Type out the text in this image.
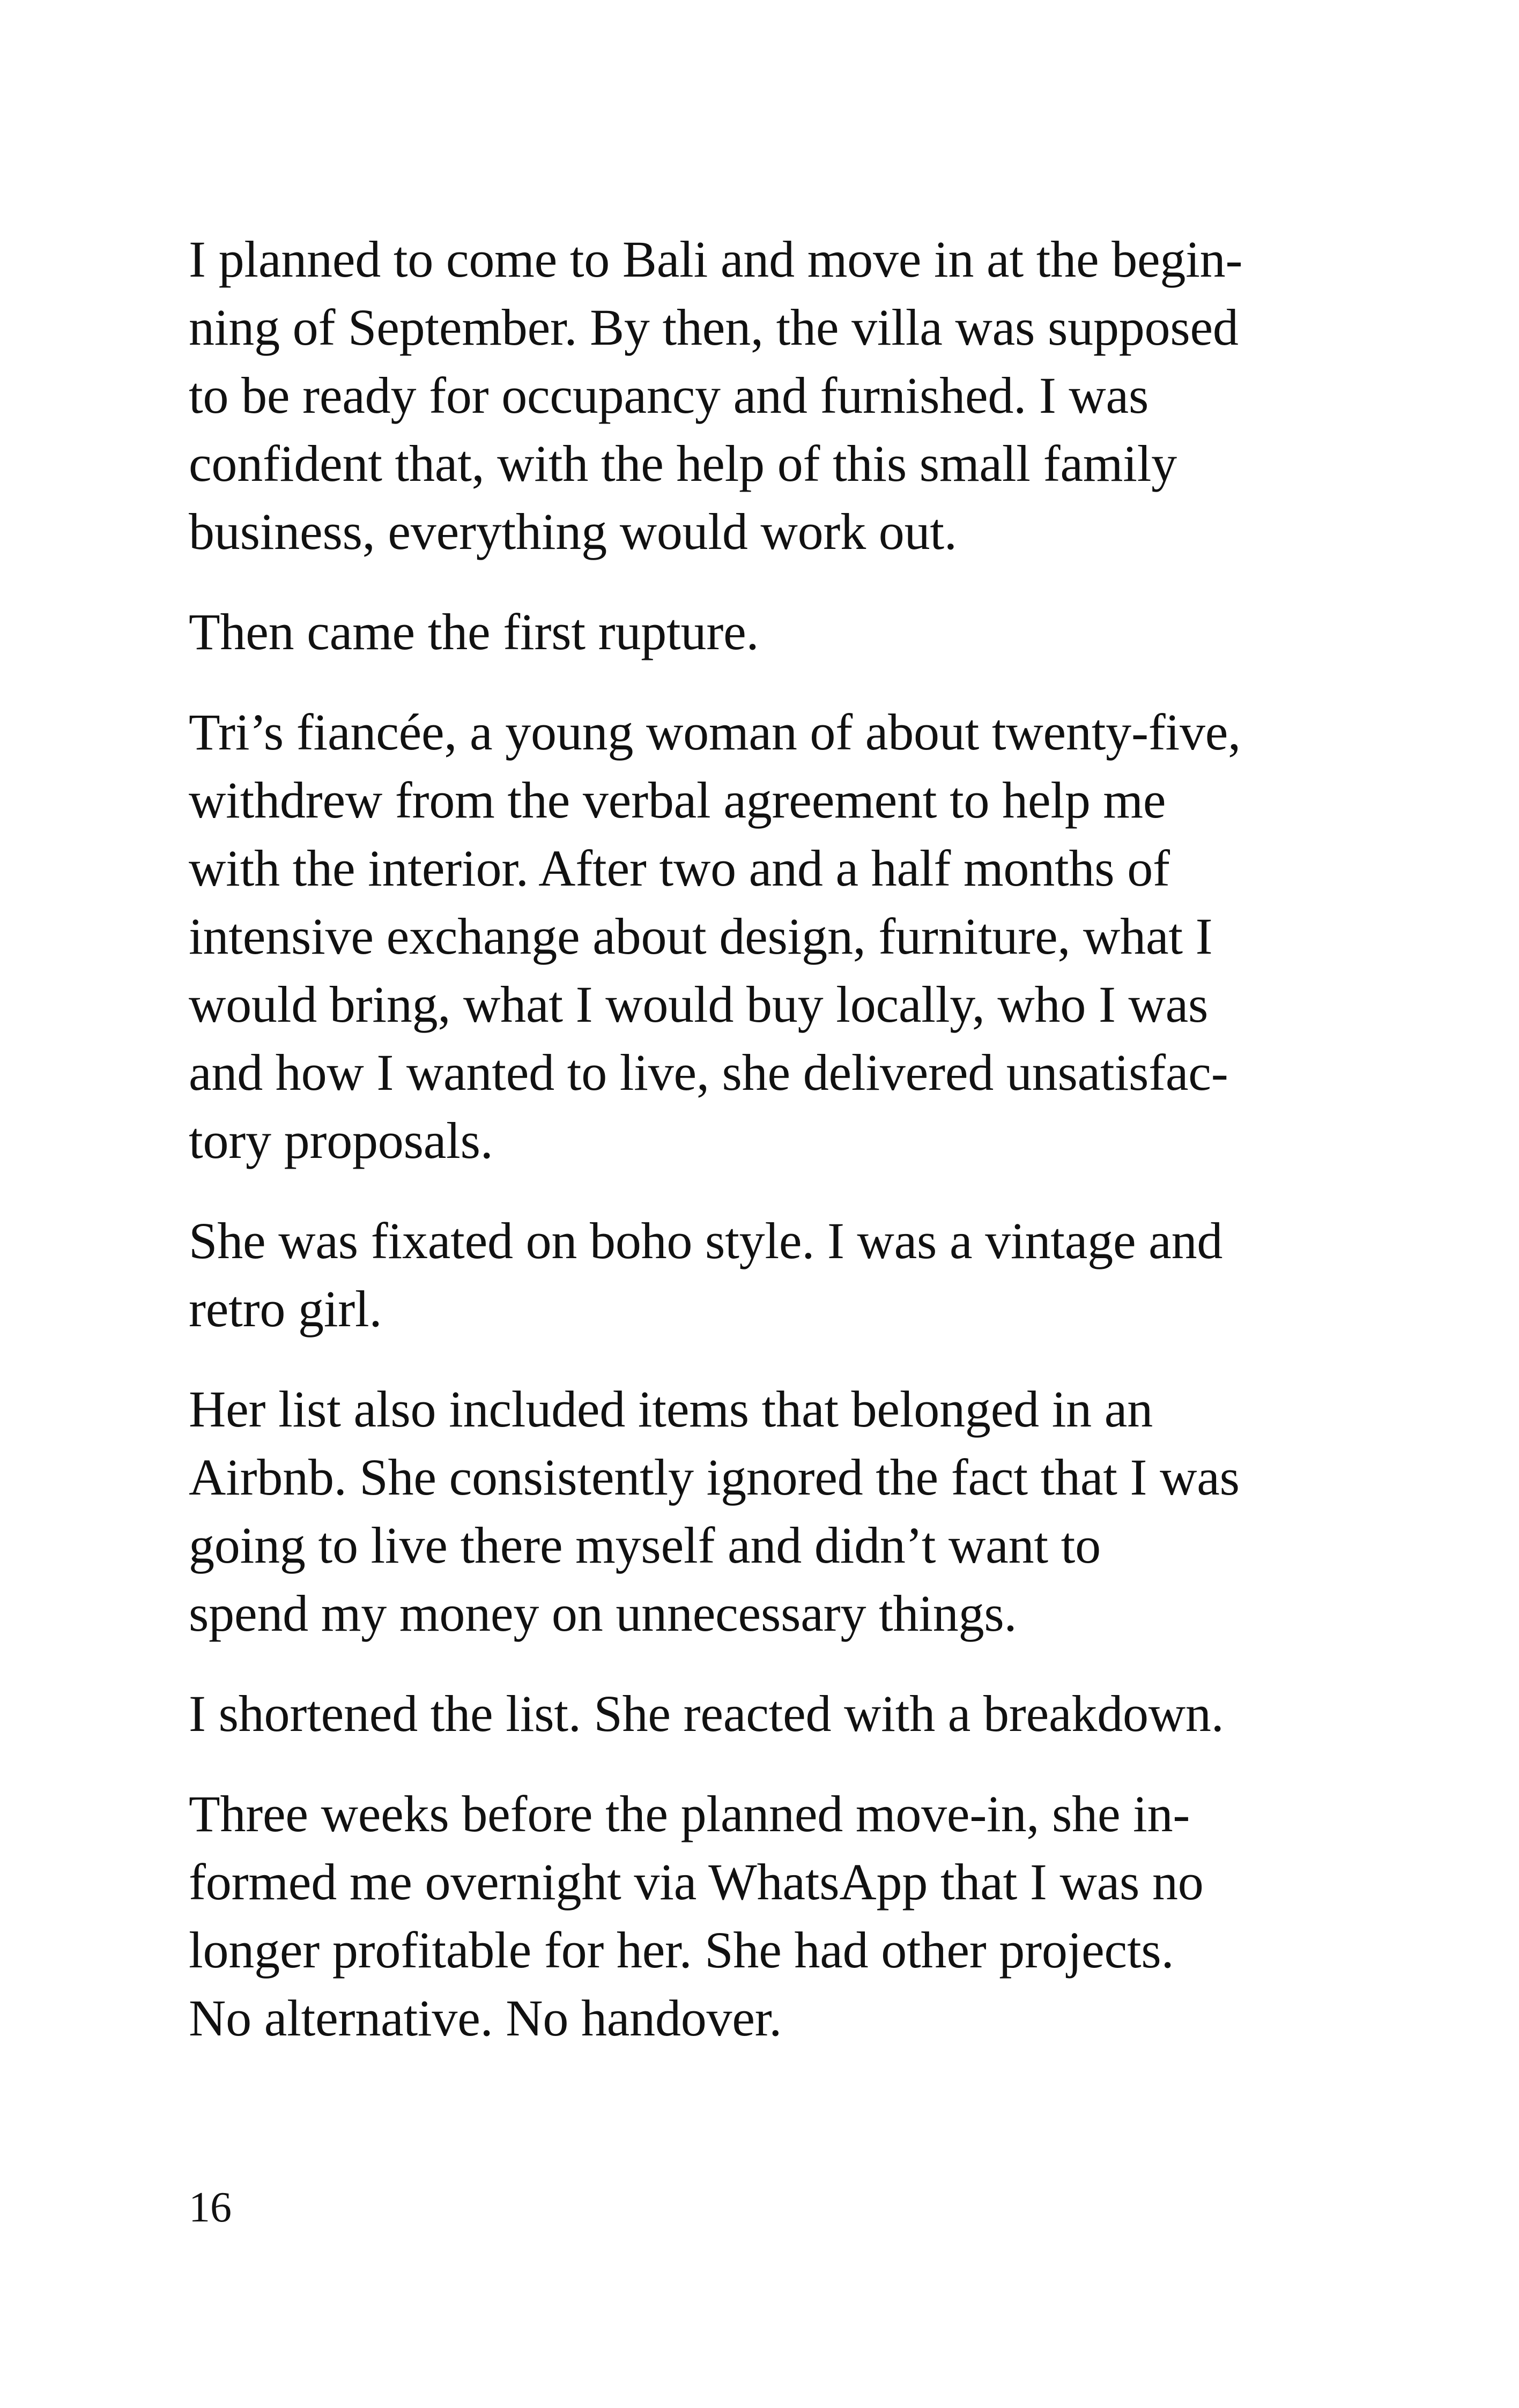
I planned to come to Bali and move in at the begin-
ning of September. By then, the villa was supposed
to be ready for occupancy and furnished. I was
confident that, with the help of this small family
business, everything would work out.

Then came the first rupture.

Tri’s fiancée, a young woman of about twenty-five,
withdrew from the verbal agreement to help me
with the interior. After two and a half months of
intensive exchange about design, furniture, what I
would bring, what I would buy locally, who I was
and how I wanted to live, she delivered unsatisfac-
tory proposals.

She was fixated on boho style. I was a vintage and
retro girl.

Her list also included items that belonged in an
Airbnb. She consistently ignored the fact that I was
going to live there myself and didn’t want to
spend my money on unnecessary things.

I shortened the list. She reacted with a breakdown.

Three weeks before the planned move-in, she in-
formed me overnight via WhatsApp that I was no
longer profitable for her. She had other projects.
No alternative. No handover.

16
